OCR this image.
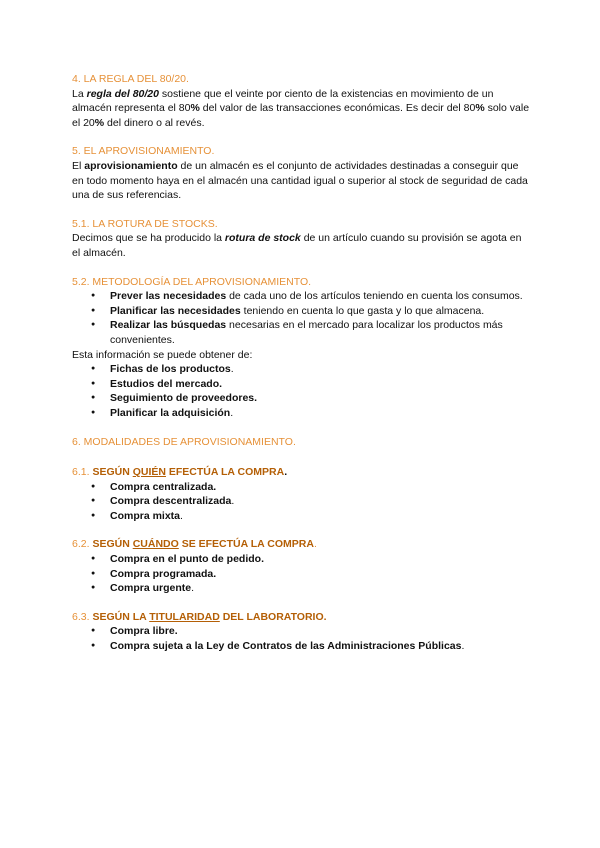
4. LA REGLA DEL 80/20.

La regla del 80/20 sostiene que el veinte por ciento de la existencias en movimiento de un almacén representa el 80% del valor de las transacciones económicas. Es decir del 80% solo vale el 20% del dinero o al revés.

5. EL APROVISIONAMIENTO.

El aprovisionamiento de un almacén es el conjunto de actividades destinadas a conseguir que en todo momento haya en el almacén una cantidad igual o superior al stock de seguridad de cada una de sus referencias.

5.1. LA ROTURA DE STOCKS.

Decimos que se ha producido la rotura de stock de un artículo cuando su provisión se agota en el almacén.

5.2. METODOLOGÍA DEL APROVISIONAMIENTO.

● Prever las necesidades de cada uno de los artículos teniendo en cuenta los consumos.
● Planificar las necesidades teniendo en cuenta lo que gasta y lo que almacena.
● Realizar las búsquedas necesarias en el mercado para localizar los productos más convenientes.

Esta información se puede obtener de:

● Fichas de los productos.
● Estudios del mercado.
● Seguimiento de proveedores.
● Planificar la adquisición.

6. MODALIDADES DE APROVISIONAMIENTO.

6.1. SEGÚN QUIÉN EFECTÚA LA COMPRA.

● Compra centralizada.
● Compra descentralizada.
● Compra mixta.

6.2. SEGÚN CUÁNDO SE EFECTÚA LA COMPRA.

● Compra en el punto de pedido.
● Compra programada.
● Compra urgente.

6.3. SEGÚN LA TITULARIDAD DEL LABORATORIO.

● Compra libre.
● Compra sujeta a la Ley de Contratos de las Administraciones Públicas.
